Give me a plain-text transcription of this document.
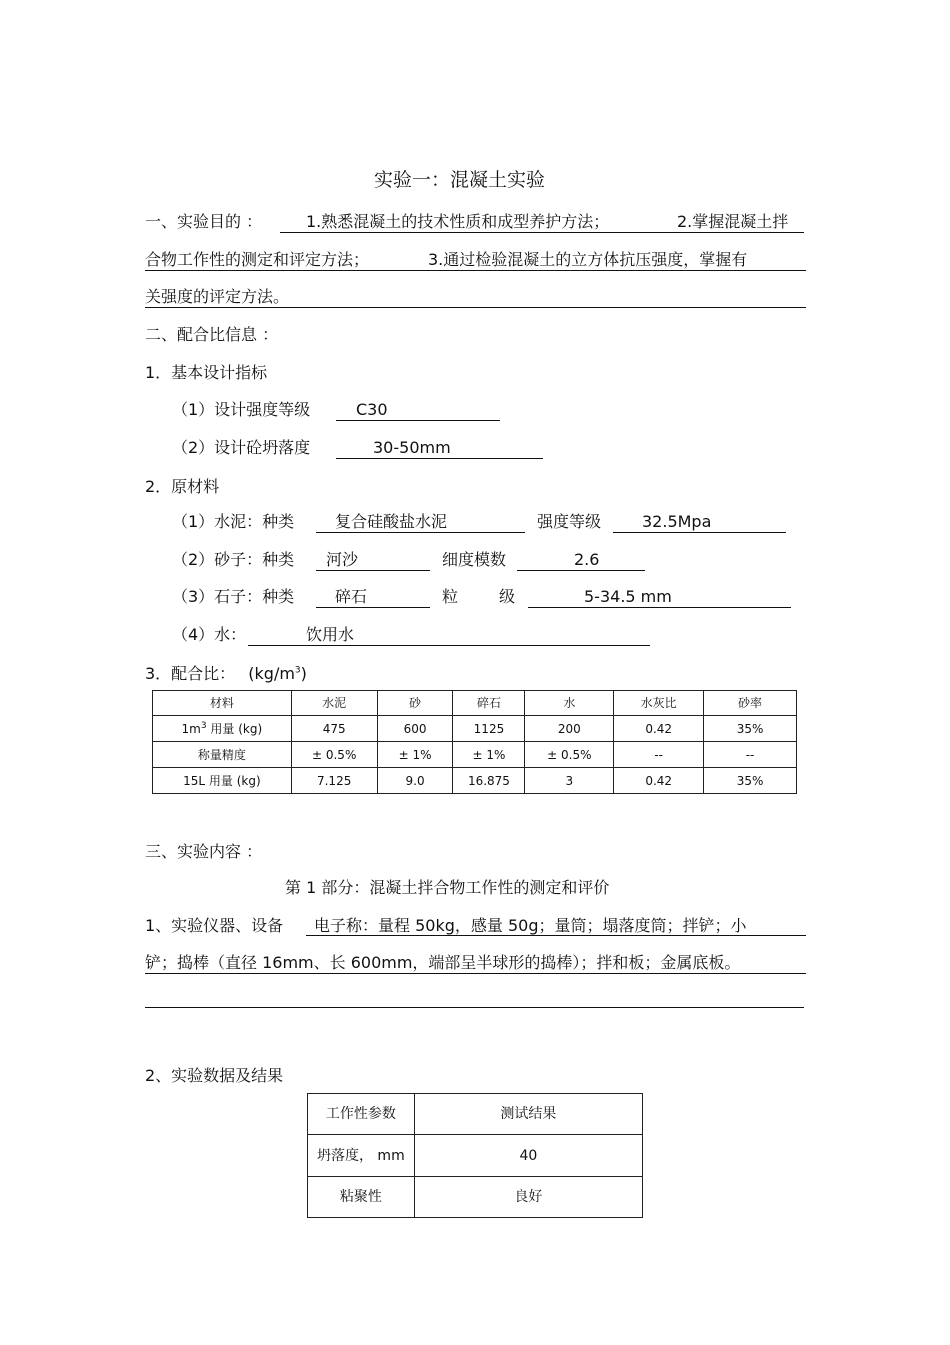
实验一：混凝土实验
一、实验目的 ：	1.熟悉混凝土的技术性质和成型养护方法；	2.掌握混凝土拌
合物工作性的测定和评定方法；	3.通过检验混凝土的立方体抗压强度，掌握有
关强度的评定方法。
二、配合比信息 ：
1．基本设计指标
（1）设计强度等级	C30
（2）设计砼坍落度	30-50mm
2．原材料
（1）水泥：种类	复合硅酸盐水泥	强度等级	32.5Mpa
（2）砂子：种类 河沙	细度模数	2.6
（3）石子：种类	碎石	粒	级	5-34.5 mm
（4）水：	饮用水
3．配合比： $(kg/m^3)$
材料	水泥	砂	碎石	水	水灰比	砂率
$1m^3$ 用量 (kg)	475	600	1125	200	0.42	35%
称量精度	± 0.5%	± 1%	± 1%	± 0.5%	--	--
15L 用量 (kg)	7.125	9.0	16.875	3	0.42	35%
三、实验内容 ：
第 1 部分：混凝土拌合物工作性的测定和评价
1、实验仪器、设备 电子称：量程 50kg，感量 50g；量筒；塌落度筒；拌铲；小
铲；捣棒（直径 16mm、长 600mm，端部呈半球形的捣棒）；拌和板；金属底板。
2、实验数据及结果
工作性参数	测试结果
坍落度， mm	40
粘聚性	良好
